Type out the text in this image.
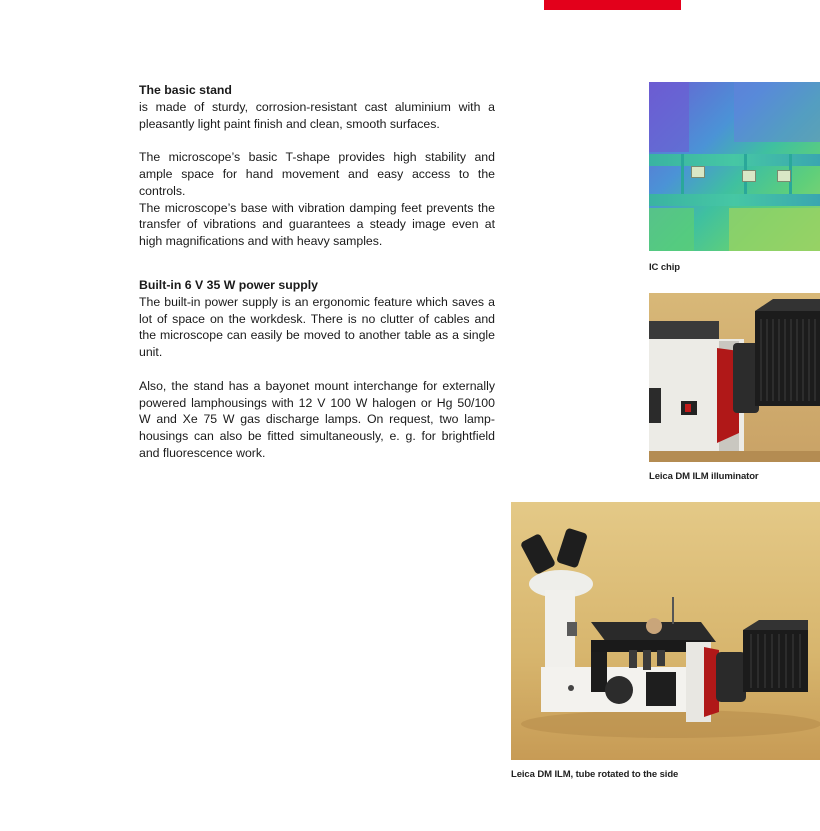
The basic stand

is made of sturdy, corrosion-resistant cast aluminium with a pleasantly light paint finish and clean, smooth surfaces.

The microscope’s basic T-shape provides high stability and ample space for hand movement and easy access to the controls.

The microscope’s base with vibration damping feet prevents the transfer of vibrations and guarantees a steady image even at high magnifications and with heavy samples.

Built-in 6 V 35 W power supply

The built-in power supply is an ergonomic feature which saves a lot of space on the workdesk. There is no clutter of cables and the microscope can easily be moved to another table as a single unit.

Also, the stand has a bayonet mount interchange for externally powered lamphousings with 12 V 100 W halogen or Hg 50/100 W and Xe 75 W gas discharge lamps. On request, two lamp-housings can also be fitted simultaneously, e. g. for brightfield and fluorescence work.

IC chip
Leica DM ILM illuminator
Leica DM ILM, tube rotated to the side
